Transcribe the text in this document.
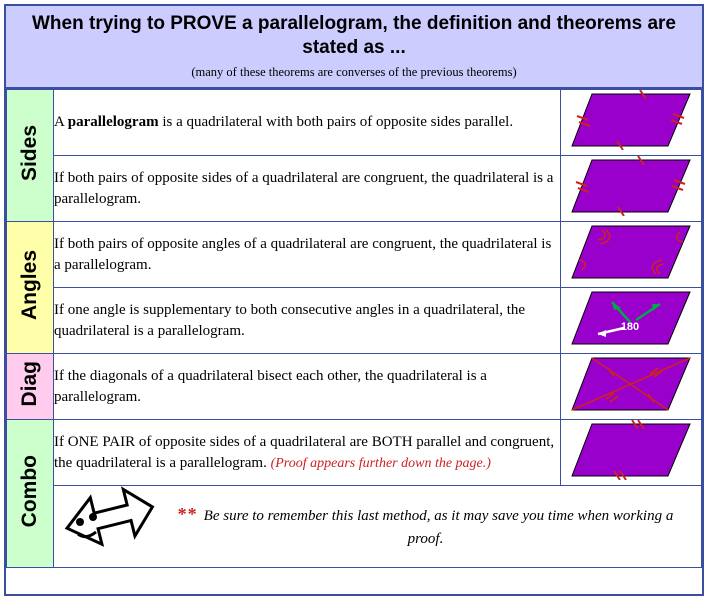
When trying to PROVE a parallelogram, the definition and theorems are stated as ...
(many of these theorems are converses of the previous theorems)
Sides	A parallelogram is a quadrilateral with both pairs of opposite sides parallel.	
	If both pairs of opposite sides of a quadrilateral are congruent, the quadrilateral is a parallelogram.	
Angles	If both pairs of opposite angles of a quadrilateral are congruent, the quadrilateral is a parallelogram.	
	If one angle is supplementary to both consecutive angles in a quadrilateral, the quadrilateral is a parallelogram.	180

Diag	If the diagonals of a quadrilateral bisect each other, the quadrilateral is a parallelogram.	
Combo	If ONE PAIR of opposite sides of a quadrilateral are BOTH parallel and congruent, the quadrilateral is a parallelogram. (Proof appears further down the page.)	

	** Be sure to remember this last method, as it may save you time when working a proof.	
